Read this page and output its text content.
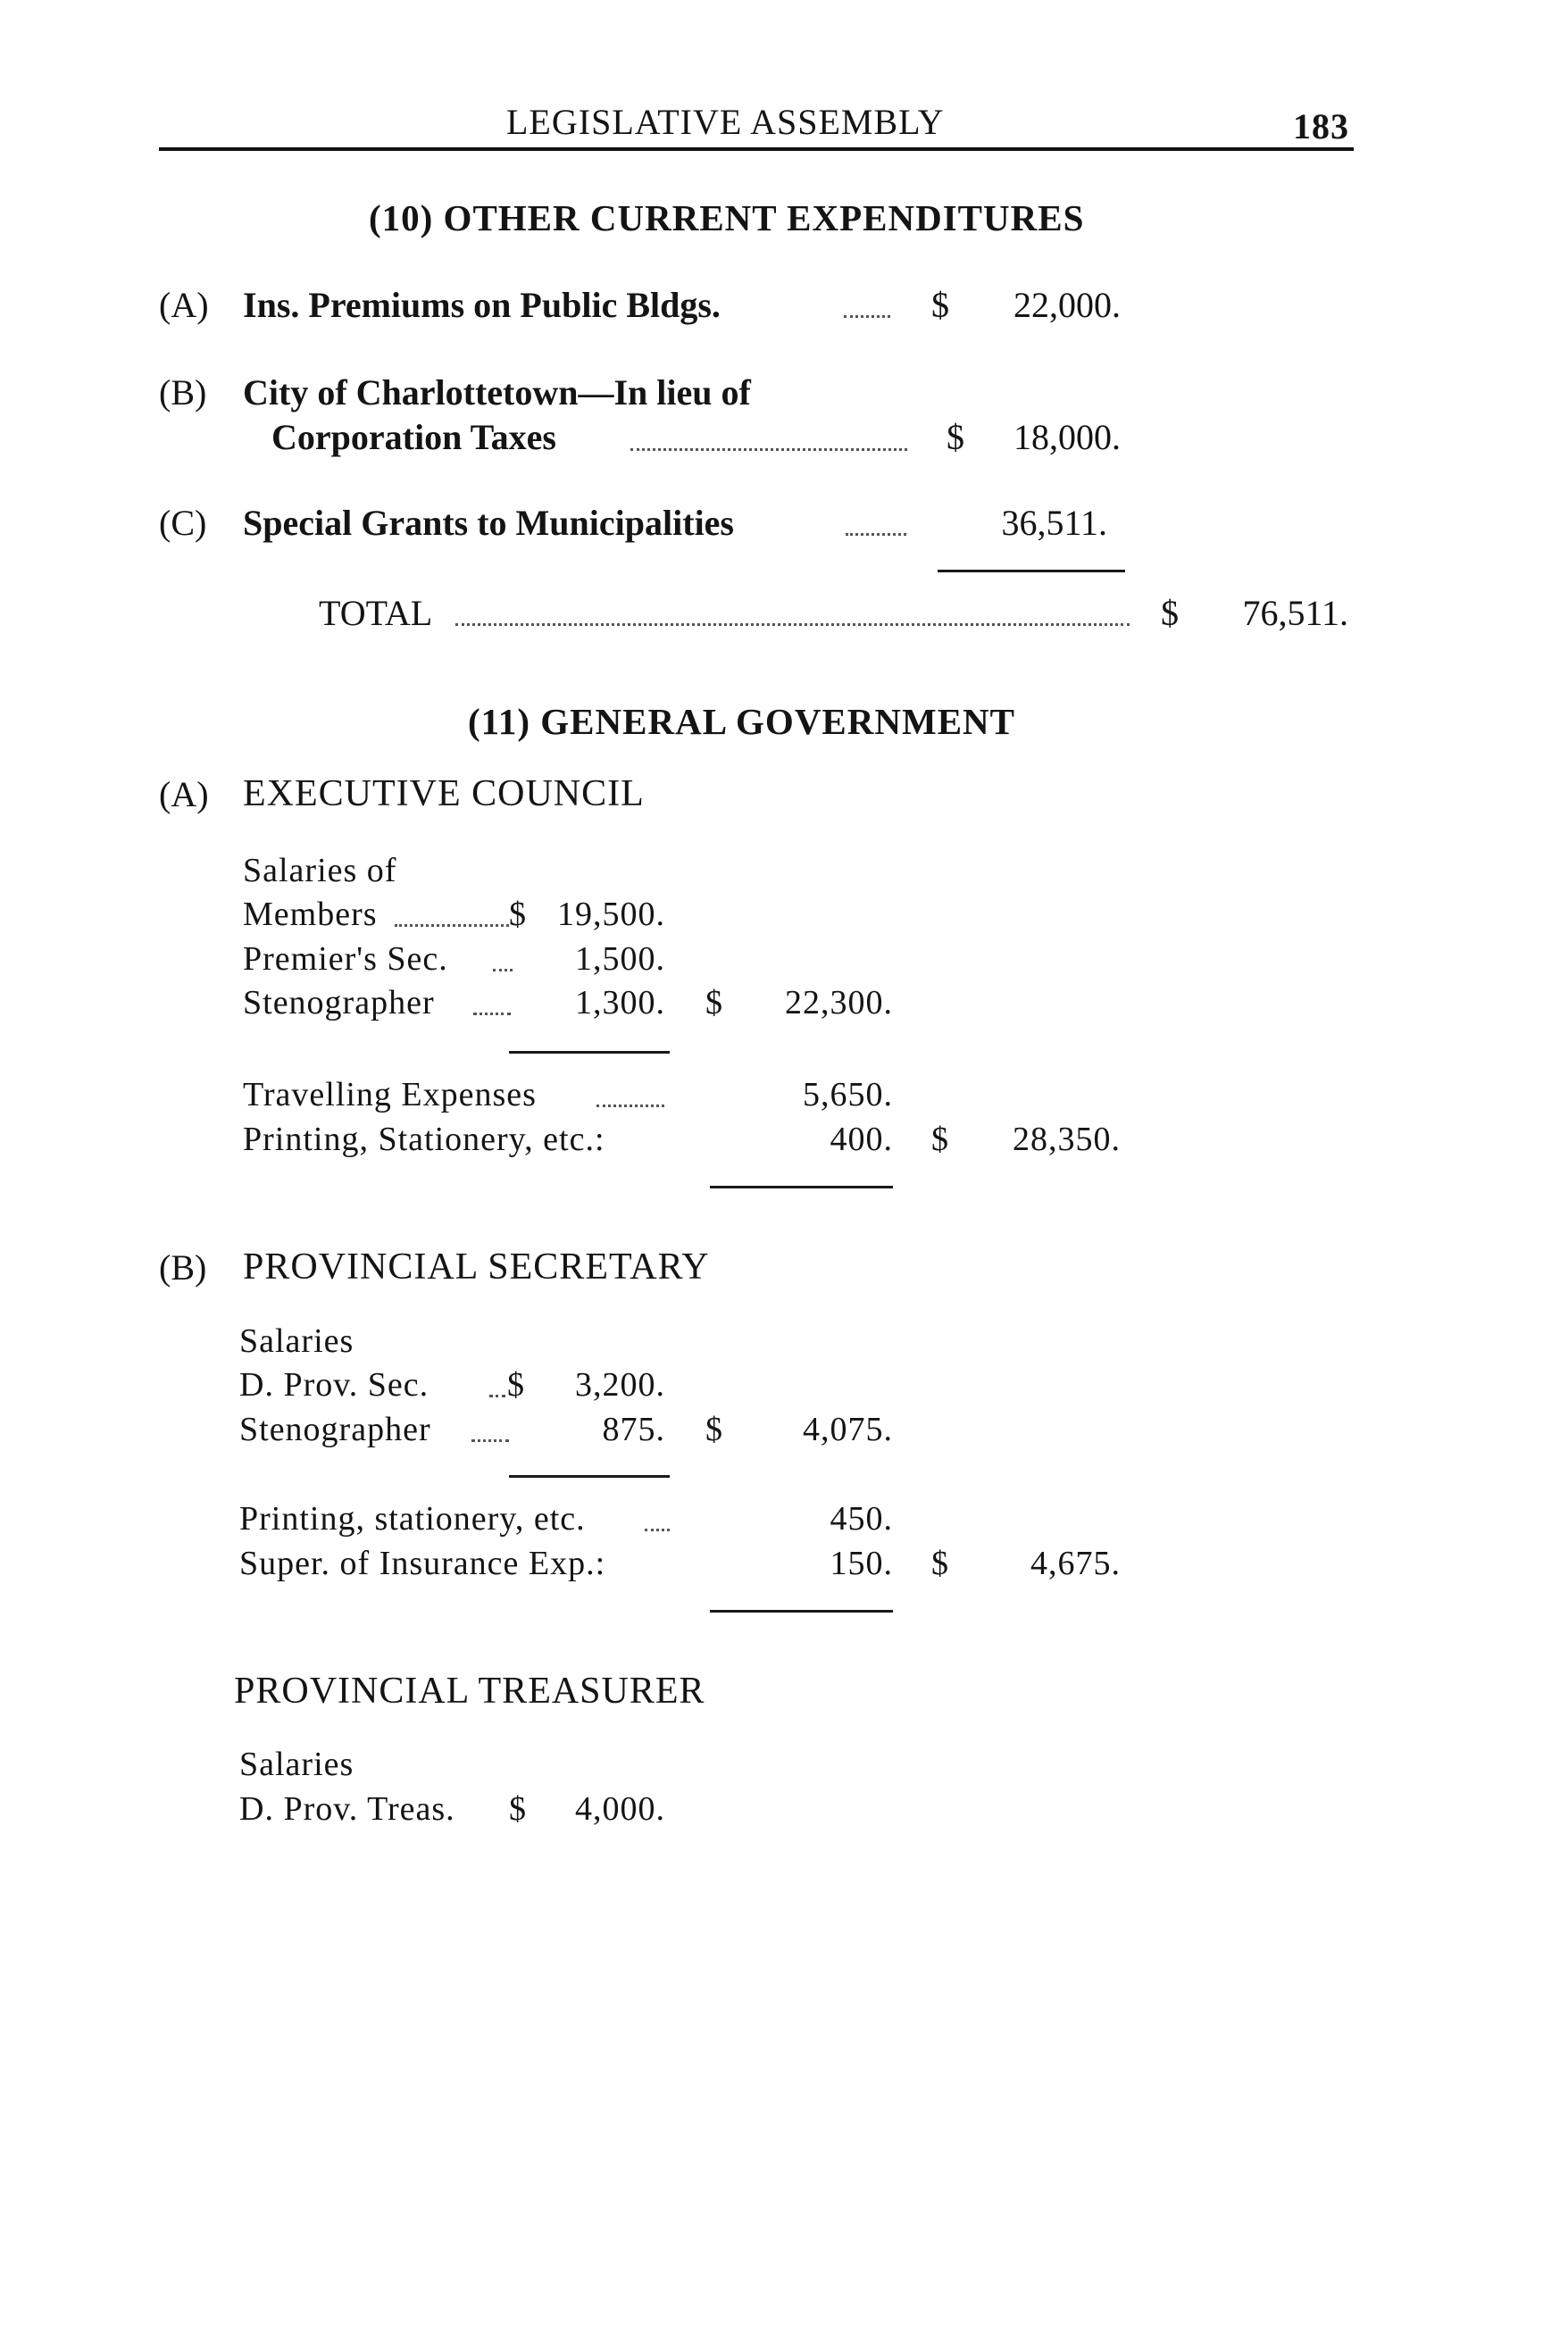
LEGISLATIVE ASSEMBLY	183
(10) OTHER CURRENT EXPENDITURES
(A) Ins. Premiums on Public Bldgs.	$	22,000.
(B) City of Charlottetown—In lieu of
Corporation Taxes	$	18,000.
(C) Special Grants to Municipalities	36,511.
TOTAL	$	76,511.
(11) GENERAL GOVERNMENT
(A) EXECUTIVE COUNCIL
Salaries of
Members	$ 19,500.
Premier's Sec.	1,500.
Stenographer	1,300. $	22,300.
Travelling Expenses	5,650.
Printing, Stationery, etc.:	400. $	28,350.
(B) PROVINCIAL SECRETARY
Salaries
D. Prov. Sec. $	3,200.
Stenographer	875. $	4,075.
Printing, stationery, etc.	450.
Super. of Insurance Exp.:	150. $	4,675.
PROVINCIAL TREASURER
Salaries
D. Prov. Treas. $	4,000.
